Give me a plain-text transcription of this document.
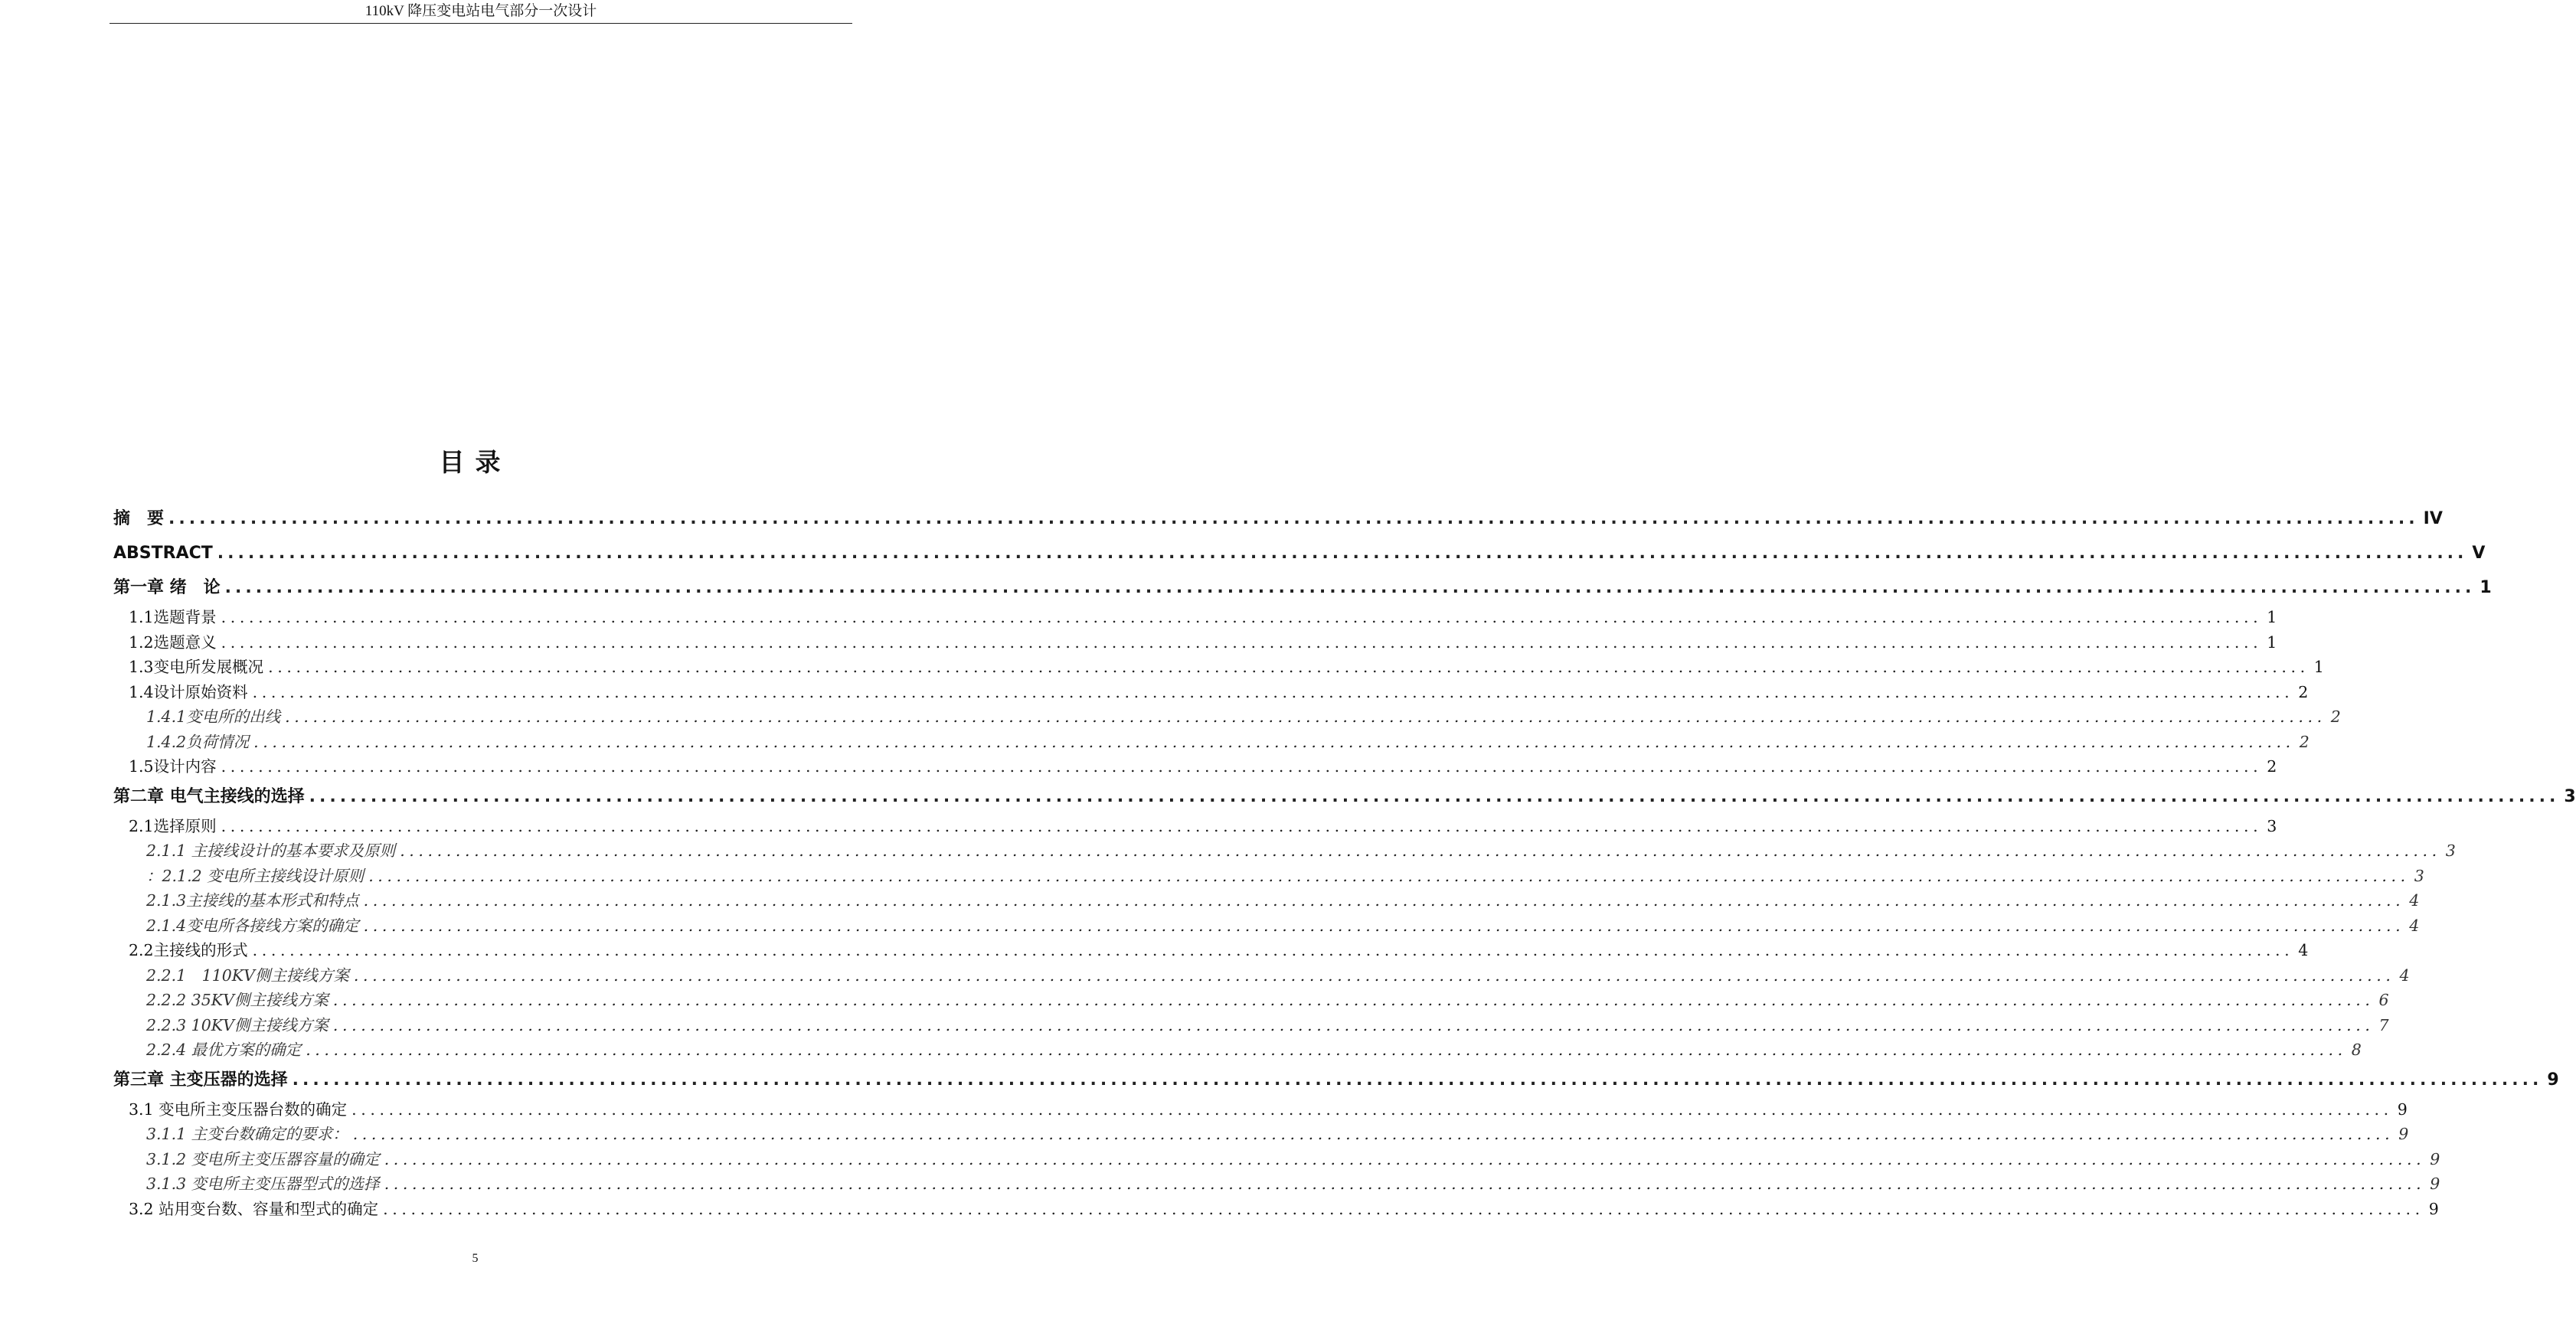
110kV 降压变电站电气部分一次设计
目录
摘　要 ............................................................................................................................................................................................................................ IV
ABSTRACT ............................................................................................................................................................................................................................ V
第一章 绪　论 ............................................................................................................................................................................................................................ 1
1.1选题背景 ............................................................................................................................................................................................................................ 1
1.2选题意义 ............................................................................................................................................................................................................................ 1
1.3变电所发展概况 ............................................................................................................................................................................................................................ 1
1.4设计原始资料 ............................................................................................................................................................................................................................ 2
1.4.1变电所的出线 ............................................................................................................................................................................................................................ 2
1.4.2负荷情况 ............................................................................................................................................................................................................................ 2
1.5设计内容 ............................................................................................................................................................................................................................ 2
第二章 电气主接线的选择 ............................................................................................................................................................................................................................ 3
2.1选择原则 ............................................................................................................................................................................................................................ 3
2.1.1 主接线设计的基本要求及原则 ............................................................................................................................................................................................................................ 3
：2.1.2 变电所主接线设计原则 ............................................................................................................................................................................................................................ 3
2.1.3主接线的基本形式和特点 ............................................................................................................................................................................................................................ 4
2.1.4变电所各接线方案的确定 ............................................................................................................................................................................................................................ 4
2.2主接线的形式 ............................................................................................................................................................................................................................ 4
2.2.1　110KV侧主接线方案 ............................................................................................................................................................................................................................ 4
2.2.2 35KV侧主接线方案 ............................................................................................................................................................................................................................ 6
2.2.3 10KV侧主接线方案 ............................................................................................................................................................................................................................ 7
2.2.4 最优方案的确定 ............................................................................................................................................................................................................................ 8
第三章 主变压器的选择 ............................................................................................................................................................................................................................ 9
3.1 变电所主变压器台数的确定 ............................................................................................................................................................................................................................ 9
3.1.1 主变台数确定的要求： ............................................................................................................................................................................................................................ 9
3.1.2 变电所主变压器容量的确定 ............................................................................................................................................................................................................................ 9
3.1.3 变电所主变压器型式的选择 ............................................................................................................................................................................................................................ 9
3.2 站用变台数、容量和型式的确定 ............................................................................................................................................................................................................................ 9
5
